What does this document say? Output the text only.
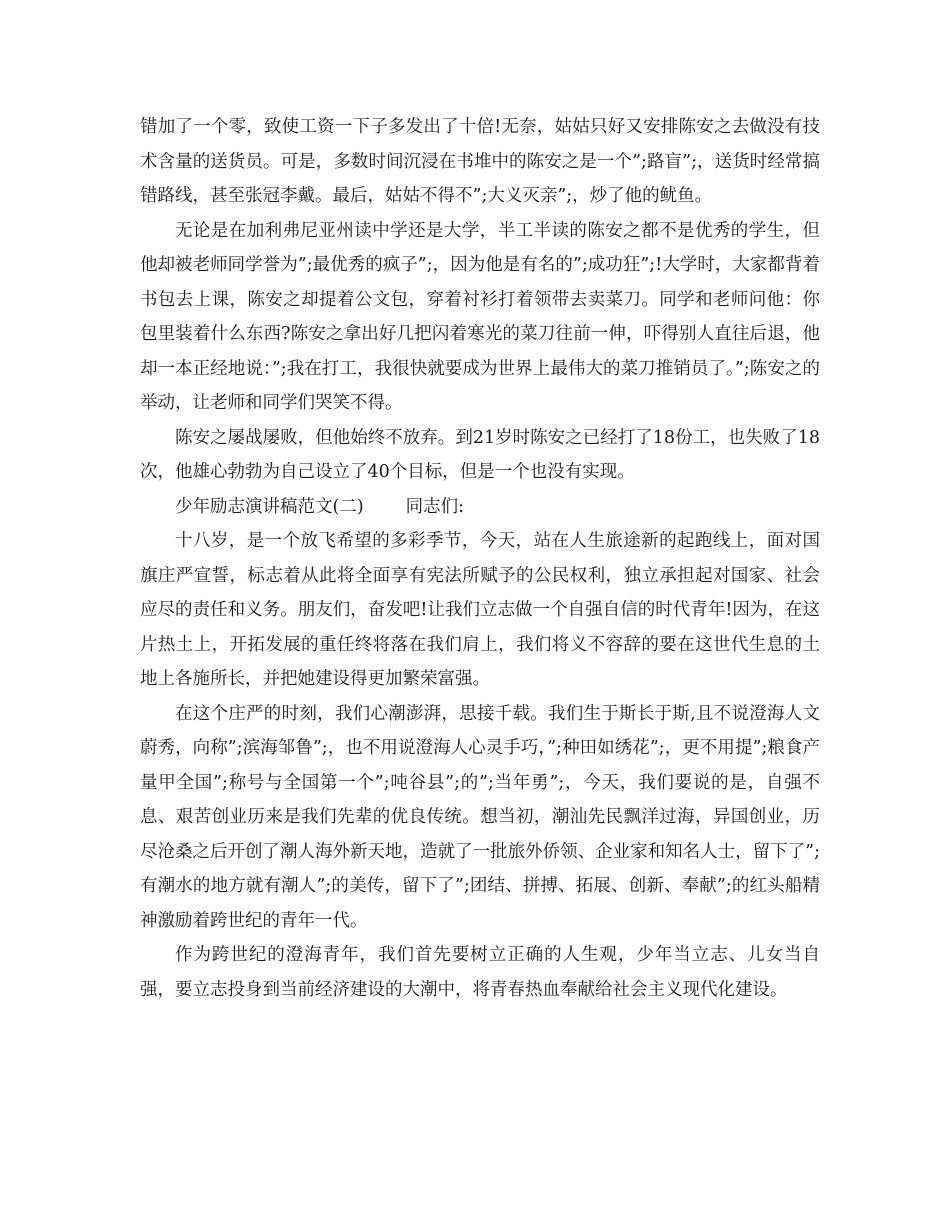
错加了一个零，致使工资一下子多发出了十倍!无奈，姑姑只好又安排陈安之去做没有技术含量的送货员。可是，多数时间沉浸在书堆中的陈安之是一个”;路盲”;，送货时经常搞错路线，甚至张冠李戴。最后，姑姑不得不”;大义灭亲”;，炒了他的鱿鱼。

无论是在加利弗尼亚州读中学还是大学，半工半读的陈安之都不是优秀的学生，但他却被老师同学誉为”;最优秀的疯子”;，因为他是有名的”;成功狂”;!大学时，大家都背着书包去上课，陈安之却提着公文包，穿着衬衫打着领带去卖菜刀。同学和老师问他：你包里装着什么东西?陈安之拿出好几把闪着寒光的菜刀往前一伸，吓得别人直往后退，他却一本正经地说：”;我在打工，我很快就要成为世界上最伟大的菜刀推销员了。”;陈安之的举动，让老师和同学们哭笑不得。

陈安之屡战屡败，但他始终不放弃。到21岁时陈安之已经打了18份工，也失败了18次，他雄心勃勃为自己设立了40个目标，但是一个也没有实现。

少年励志演讲稿范文(二) 同志们:

十八岁，是一个放飞希望的多彩季节，今天，站在人生旅途新的起跑线上，面对国旗庄严宣誓，标志着从此将全面享有宪法所赋予的公民权利，独立承担起对国家、社会应尽的责任和义务。朋友们，奋发吧!让我们立志做一个自强自信的时代青年!因为，在这片热土上，开拓发展的重任终将落在我们肩上，我们将义不容辞的要在这世代生息的土地上各施所长，并把她建设得更加繁荣富强。

在这个庄严的时刻，我们心潮澎湃，思接千载。我们生于斯长于斯,且不说澄海人文蔚秀，向称”;滨海邹鲁”;，也不用说澄海人心灵手巧，”;种田如绣花”;，更不用提”;粮食产量甲全国”;称号与全国第一个”;吨谷县”;的”;当年勇”;，今天，我们要说的是，自强不息、艰苦创业历来是我们先辈的优良传统。想当初，潮汕先民飘洋过海，异国创业，历尽沧桑之后开创了潮人海外新天地，造就了一批旅外侨领、企业家和知名人士，留下了”;有潮水的地方就有潮人”;的美传，留下了”;团结、拼搏、拓展、创新、奉献”;的红头船精神激励着跨世纪的青年一代。

作为跨世纪的澄海青年，我们首先要树立正确的人生观，少年当立志、儿女当自强，要立志投身到当前经济建设的大潮中，将青春热血奉献给社会主义现代化建设。
